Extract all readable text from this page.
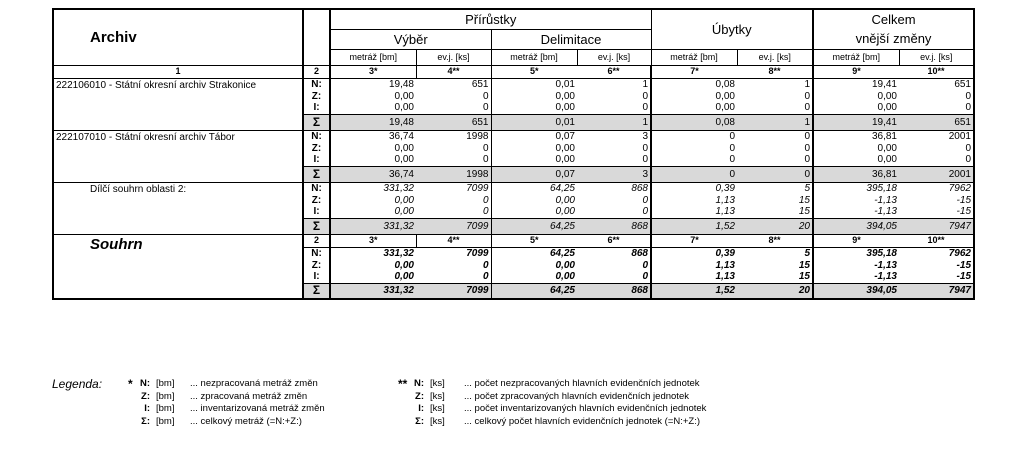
Archiv		Přírůstky				Úbytky		Celkem	
		Výběr		Delimitace				vnější změny	
		metráž [bm]	ev.j. [ks]	metráž [bm]	ev.j. [ks]	metráž [bm]	ev.j. [ks]	metráž [bm]	ev.j. [ks]
1	2	3*	4**	5*	6**	7*	8**	9*	10**
222106010 - Státní okresní archiv Strakonice	N:	19,48	651	0,01	1	0,08	1	19,41	651
	Z:	0,00	0	0,00	0	0,00	0	0,00	0
	I:	0,00	0	0,00	0	0,00	0	0,00	0
	Σ	19,48	651	0,01	1	0,08	1	19,41	651
222107010 - Státní okresní archiv Tábor	N:	36,74	1998	0,07	3	0	0	36,81	2001
	Z:	0,00	0	0,00	0	0	0	0,00	0
	I:	0,00	0	0,00	0	0	0	0,00	0
	Σ	36,74	1998	0,07	3	0	0	36,81	2001
Dílčí souhrn oblasti 2:	N:	331,32	7099	64,25	868	0,39	5	395,18	7962
	Z:	0,00	0	0,00	0	1,13	15	-1,13	-15
	I:	0,00	0	0,00	0	1,13	15	-1,13	-15
	Σ	331,32	7099	64,25	868	1,52	20	394,05	7947
Souhrn	2	3*	4**	5*	6**	7*	8**	9*	10**
	N:	331,32	7099	64,25	868	0,39	5	395,18	7962
	Z:	0,00	0	0,00	0	1,13	15	-1,13	-15
	I:	0,00	0	0,00	0	1,13	15	-1,13	-15
	Σ	331,32	7099	64,25	868	1,52	20	394,05	7947
Legenda: * N: [bm] ... nezpracovaná metráž změn
Z: [bm] ... zpracovaná metráž změn
I: [bm] ... inventarizovaná metráž změn
Σ: [bm] ... celkový metráž (=N:+Z:)
** N: [ks] ... počet nezpracovaných hlavních evidenčních jednotek
Z: [ks] ... počet zpracovaných hlavních evidenčních jednotek
I: [ks] ... počet inventarizovaných hlavních evidenčních jednotek
Σ: [ks] ... celkový počet hlavních evidenčních jednotek (=N:+Z:)
